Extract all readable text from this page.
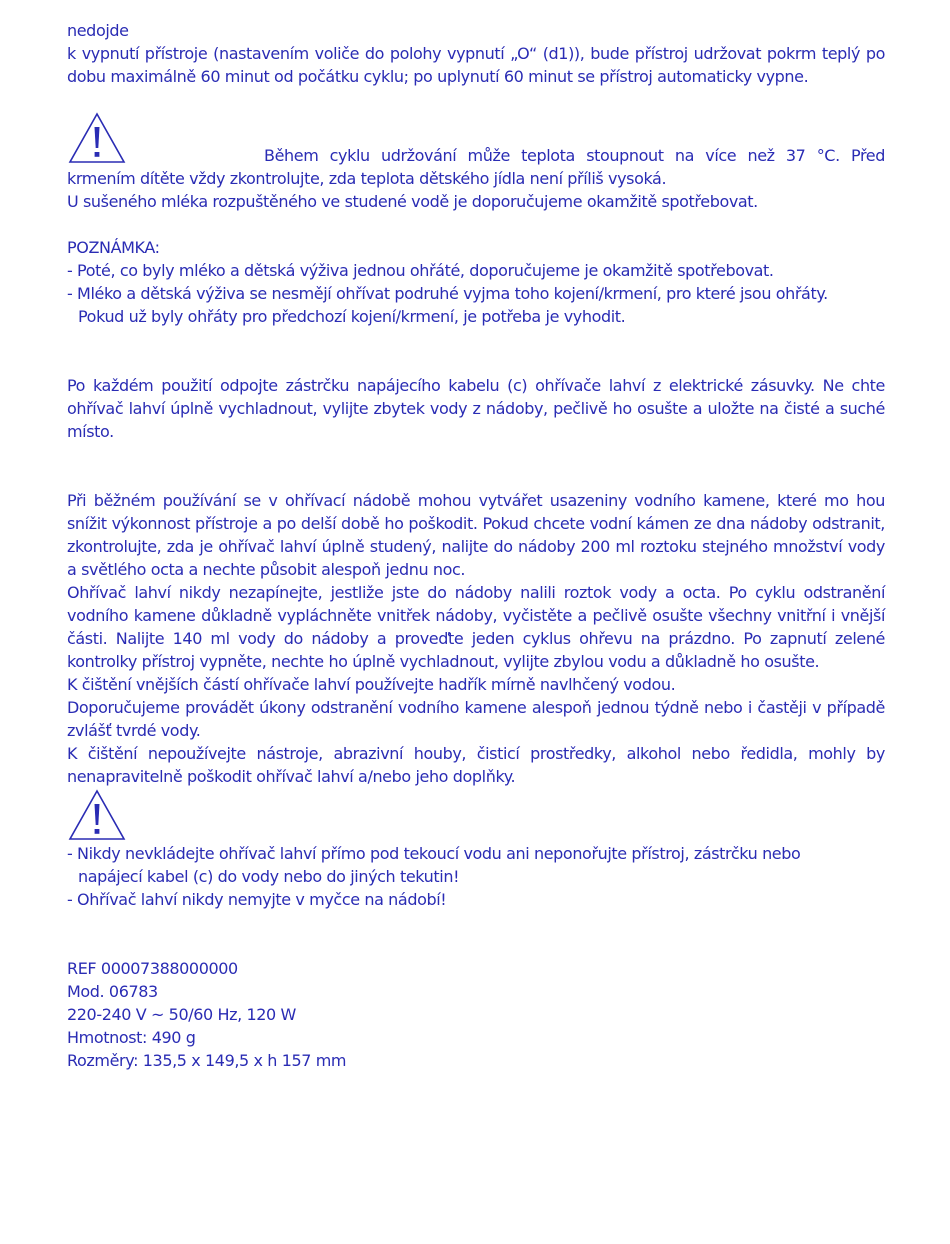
nedojde

k vypnutí přístroje (nastavením voliče do polohy vypnutí „O“ (d1)), bude přístroj udržovat pokrm teplý po dobu maximálně 60 minut od počátku cyklu; po uplynutí 60 minut se přístroj automaticky vypne.

Během cyklu udržování může teplota stoupnout na více než 37 °C. Před krmením dítěte vždy zkontrolujte, zda teplota dětského jídla není příliš vysoká.

U sušeného mléka rozpuštěného ve studené vodě je doporučujeme okamžitě spotřebovat.

POZNÁMKA:

- Poté, co byly mléko a dětská výživa jednou ohřáté, doporučujeme je okamžitě spotřebovat.

- Mléko a dětská výživa se nesmějí ohřívat podruhé vyjma toho kojení/krmení, pro které jsou ohřáty.

Pokud už byly ohřáty pro předchozí kojení/krmení, je potřeba je vyhodit.

Po každém použití odpojte zástrčku napájecího kabelu (c) ohřívače lahví z elektrické zásuvky. Ne chte ohřívač lahví úplně vychladnout, vylijte zbytek vody z nádoby, pečlivě ho osušte a uložte na čisté a suché místo.

Při běžném používání se v ohřívací nádobě mohou vytvářet usazeniny vodního kamene, které mo hou snížit výkonnost přístroje a po delší době ho poškodit. Pokud chcete vodní kámen ze dna nádoby odstranit, zkontrolujte, zda je ohřívač lahví úplně studený, nalijte do nádoby 200 ml roztoku stejného množství vody a světlého octa a nechte působit alespoň jednu noc.

Ohřívač lahví nikdy nezapínejte, jestliže jste do nádoby nalili roztok vody a octa. Po cyklu odstranění vodního kamene důkladně vypláchněte vnitřek nádoby, vyčistěte a pečlivě osušte všechny vnitřní i vnější části. Nalijte 140 ml vody do nádoby a proveďte jeden cyklus ohřevu na prázdno. Po zapnutí zelené kontrolky přístroj vypněte, nechte ho úplně vychladnout, vylijte zbylou vodu a důkladně ho osušte.

K čištění vnějších částí ohřívače lahví používejte hadřík mírně navlhčený vodou.

Doporučujeme provádět úkony odstranění vodního kamene alespoň jednou týdně nebo i častěji v případě zvlášť tvrdé vody.

K čištění nepoužívejte nástroje, abrazivní houby, čisticí prostředky, alkohol nebo ředidla, mohly by nenapravitelně poškodit ohřívač lahví a/nebo jeho doplňky.

- Nikdy nevkládejte ohřívač lahví přímo pod tekoucí vodu ani neponořujte přístroj, zástrčku nebo

napájecí kabel (c) do vody nebo do jiných tekutin!

- Ohřívač lahví nikdy nemyjte v myčce na nádobí!

REF 00007388000000

Mod. 06783

220-240 V ~ 50/60 Hz, 120 W

Hmotnost: 490 g

Rozměry: 135,5 x 149,5 x h 157 mm
